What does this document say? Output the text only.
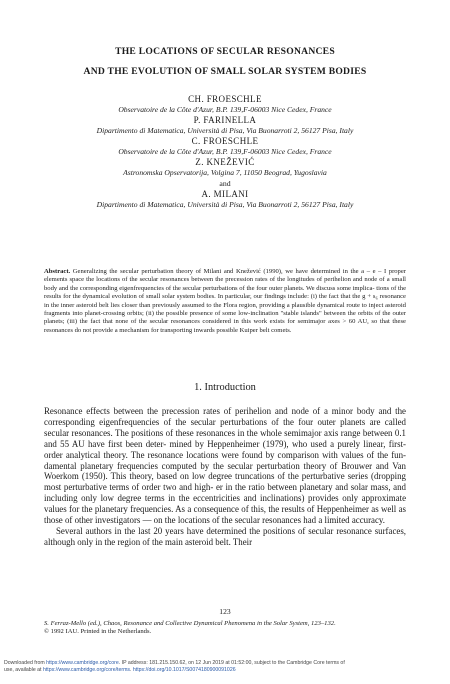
THE LOCATIONS OF SECULAR RESONANCES
AND THE EVOLUTION OF SMALL SOLAR SYSTEM BODIES
CH. FROESCHLE
Observatoire de la Côte d'Azur, B.P. 139,F-06003 Nice Cedex, France
P. FARINELLA
Dipartimento di Matematica, Università di Pisa, Via Buonarroti 2, 56127 Pisa, Italy
C. FROESCHLE
Observatoire de la Côte d'Azur, B.P. 139,F-06003 Nice Cedex, France
Z. KNEŽEVIĆ
Astronomska Opservatorija, Volgina 7, 11050 Beograd, Yugoslavia
and
A. MILANI
Dipartimento di Matematica, Università di Pisa, Via Buonarroti 2, 56127 Pisa, Italy
Abstract. Generalizing the secular perturbation theory of Milani and Knežević (1990), we have determined in the a – e – I proper elements space the locations of the secular resonances between the precession rates of the longitudes of perihelion and node of a small body and the corresponding eigenfrequencies of the secular perturbations of the four outer planets. We discuss some implica- tions of the results for the dynamical evolution of small solar system bodies. In particular, our findings include: (i) the fact that the g + s₆ resonance in the inner asteroid belt lies closer than previously assumed to the Flora region, providing a plausible dynamical route to inject asteroid fragments into planet-crossing orbits; (ii) the possible presence of some low-inclination "stable islands" between the orbits of the outer planets; (iii) the fact that none of the secular resonances considered in this work exists for semimajor axes > 60 AU, so that these resonances do not provide a mechanism for transporting inwards possible Kuiper belt comets.
1. Introduction

Resonance effects between the precession rates of perihelion and node of a minor body and the corresponding eigenfrequencies of the secular perturbations of the four outer planets are called secular resonances. The positions of these resonances in the whole semimajor axis range between 0.1 and 55 AU have first been deter- mined by Heppenheimer (1979), who used a purely linear, first-order analytical theory. The resonance locations were found by comparison with values of the fun- damental planetary frequencies computed by the secular perturbation theory of Brouwer and Van Woerkom (1950). This theory, based on low degree truncations of the perturbative series (dropping most perturbative terms of order two and high- er in the ratio between planetary and solar mass, and including only low degree terms in the eccentricities and inclinations) provides only approximate values for the planetary frequencies. As a consequence of this, the results of Heppenheimer as well as those of other investigators — on the locations of the secular resonances had a limited accuracy.

Several authors in the last 20 years have determined the positions of secular resonance surfaces, although only in the region of the main asteroid belt. Their

123
S. Ferraz-Mello (ed.), Chaos, Resonance and Collective Dynamical Phenomena in the Solar System, 123–132.
© 1992 IAU. Printed in the Netherlands.
Downloaded from https://www.cambridge.org/core. IP address: 181.215.150.62, on 12 Jun 2019 at 01:52:00, subject to the Cambridge Core terms of
use, available at https://www.cambridge.org/core/terms. https://doi.org/10.1017/S0074180900091026
